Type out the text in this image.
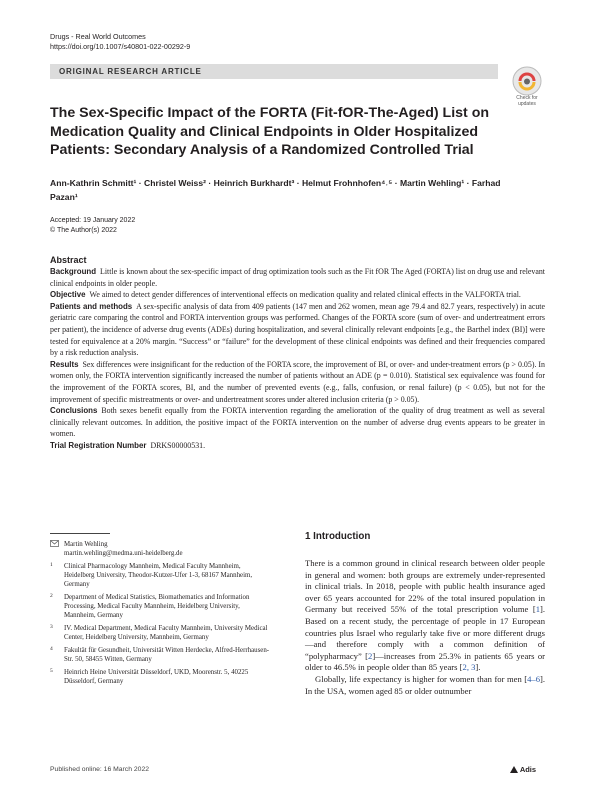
Drugs - Real World Outcomes
https://doi.org/10.1007/s40801-022-00292-9
ORIGINAL RESEARCH ARTICLE
Check for
updates
The Sex-Specific Impact of the FORTA (Fit-fOR-The-Aged) List on Medication Quality and Clinical Endpoints in Older Hospitalized Patients: Secondary Analysis of a Randomized Controlled Trial
Ann-Kathrin Schmitt¹ · Christel Weiss² · Heinrich Burkhardt³ · Helmut Frohnhofen⁴˒⁵ · Martin Wehling¹ · Farhad Pazan¹
Accepted: 19 January 2022
© The Author(s) 2022
Abstract

Background Little is known about the sex-specific impact of drug optimization tools such as the Fit fOR The Aged (FORTA) list on drug use and relevant clinical endpoints in older people.

Objective We aimed to detect gender differences of interventional effects on medication quality and related clinical effects in the VALFORTA trial.

Patients and methods A sex-specific analysis of data from 409 patients (147 men and 262 women, mean age 79.4 and 82.7 years, respectively) in acute geriatric care comparing the control and FORTA intervention groups was performed. Changes of the FORTA score (sum of over- and undertreatment errors per patient), the incidence of adverse drug events (ADEs) during hospitalization, and several clinically relevant endpoints [e.g., the Barthel index (BI)] were tested for equivalence at a 20% margin. “Success” or “failure” for the development of these clinical endpoints was defined and their frequencies compared by a risk reduction analysis.

Results Sex differences were insignificant for the reduction of the FORTA score, the improvement of BI, or over- and under-treatment errors (p > 0.05). In women only, the FORTA intervention significantly increased the number of patients without an ADE (p = 0.010). Statistical sex equivalence was found for the improvement of the FORTA scores, BI, and the number of prevented events (e.g., falls, confusion, or renal failure) (p < 0.05), but not for the improvement of specific mistreatments or over- and undertreatment scores under altered inclusion criteria (p > 0.05).

Conclusions Both sexes benefit equally from the FORTA intervention regarding the amelioration of the quality of drug treatment as well as several clinically relevant outcomes. In addition, the positive impact of the FORTA intervention on the number of adverse drug events appears to be greater in women.

Trial Registration Number DRKS00000531.

Martin Wehling
martin.wehling@medma.uni-heidelberg.de
1	Clinical Pharmacology Mannheim, Medical Faculty Mannheim, Heidelberg University, Theodor-Kutzer-Ufer 1-3, 68167 Mannheim, Germany
2	Department of Medical Statistics, Biomathematics and Information Processing, Medical Faculty Mannheim, Heidelberg University, Mannheim, Germany
3	IV. Medical Department, Medical Faculty Mannheim, University Medical Center, Heidelberg University, Mannheim, Germany
4	Fakultät für Gesundheit, Universität Witten Herdecke, Alfred-Herrhausen-Str. 50, 58455 Witten, Germany
5	Heinrich Heine Universität Düsseldorf, UKD, Moorenstr. 5, 40225 Düsseldorf, Germany
1 Introduction

There is a common ground in clinical research between older people in general and women: both groups are extremely under-represented in clinical trials. In 2018, people with public health insurance aged over 65 years accounted for 22% of the total insured population in Germany but received 55% of the total prescription volume [1]. Based on a recent study, the percentage of people in 17 European countries plus Israel who regularly take five or more different drugs—and therefore comply with a common definition of “polypharmacy” [2]—increases from 25.3% in patients 65 years or older to 46.5% in people older than 85 years [2, 3].

Globally, life expectancy is higher for women than for men [4–6]. In the USA, women aged 85 or older outnumber

Published online: 16 March 2022	Adis
